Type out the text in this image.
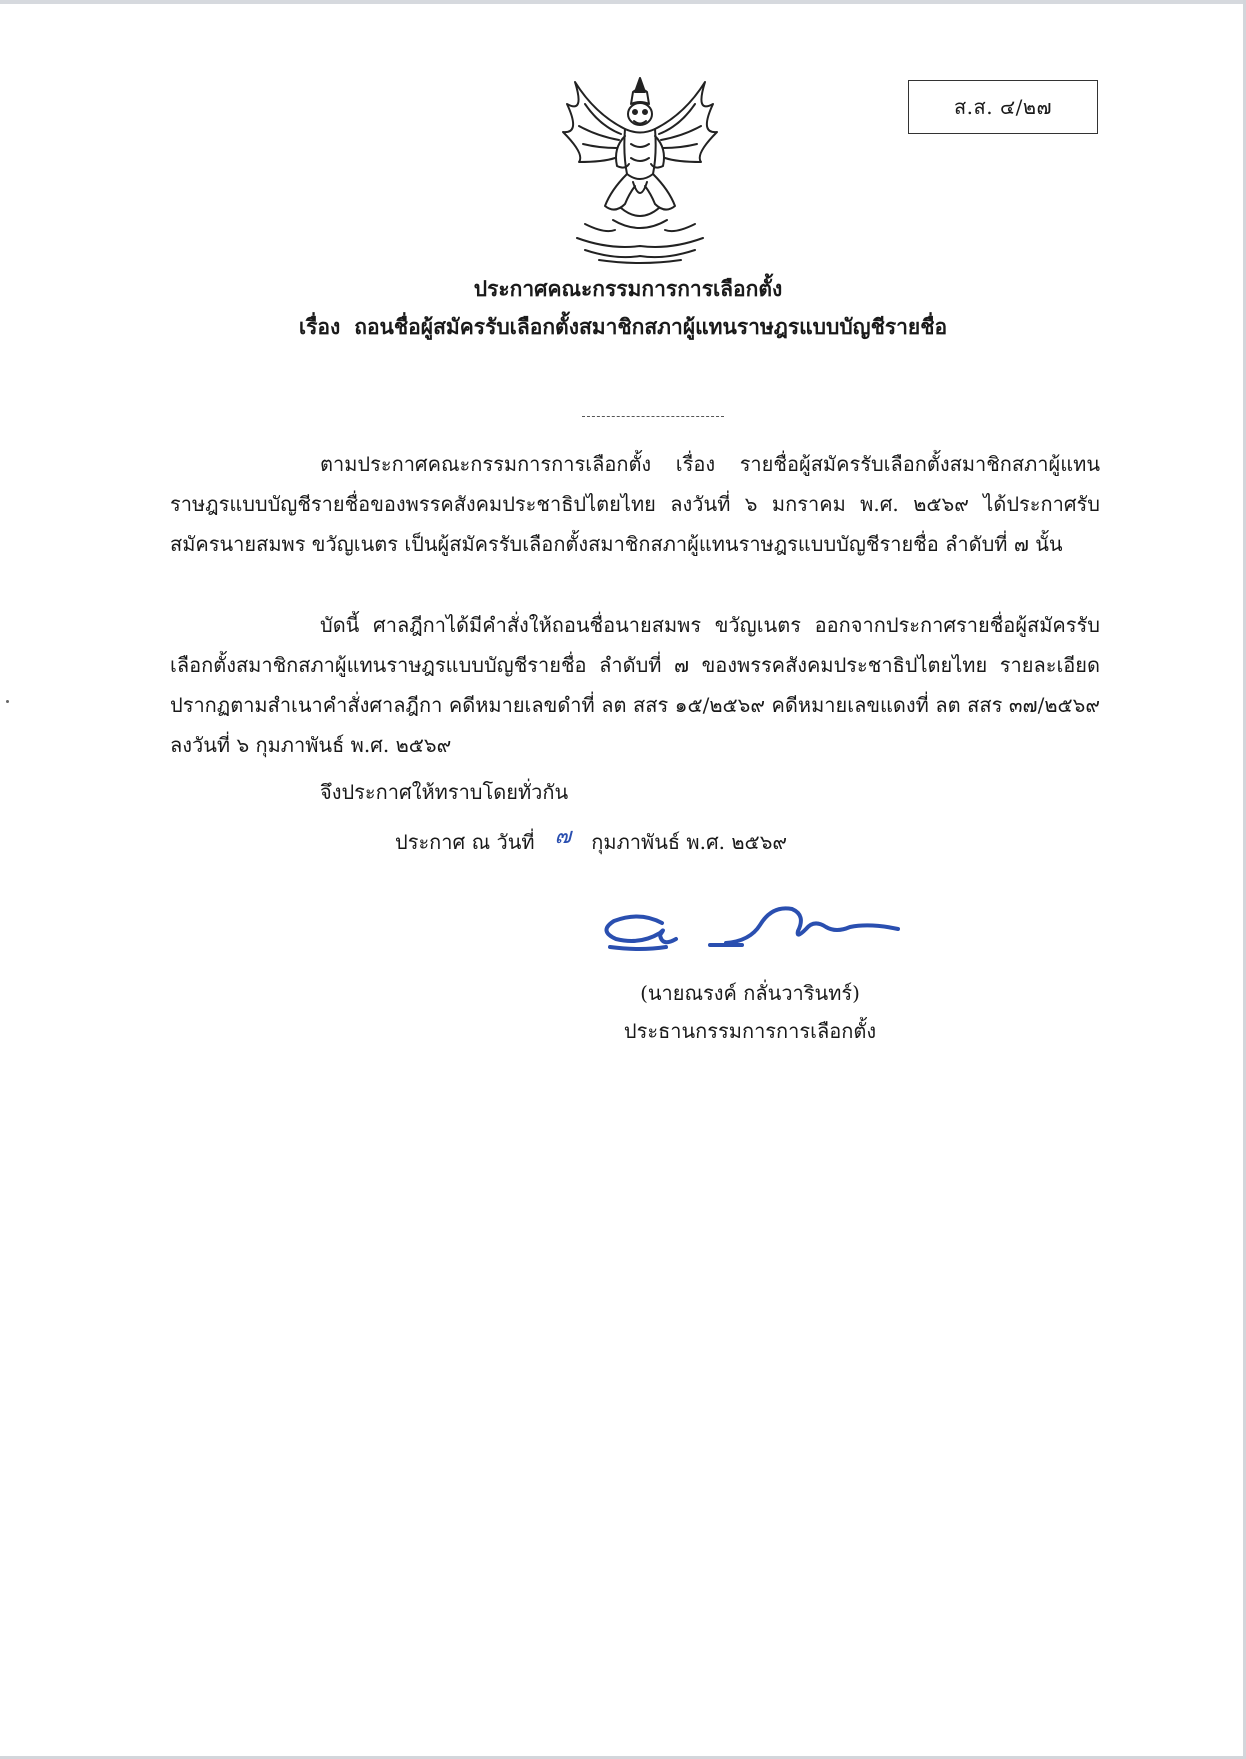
ส.ส. ๔/๒๗
ประกาศคณะกรรมการการเลือกตั้ง
เรื่อง ถอนชื่อผู้สมัครรับเลือกตั้งสมาชิกสภาผู้แทนราษฎรแบบบัญชีรายชื่อ

ตามประกาศคณะกรรมการการเลือกตั้ง เรื่อง รายชื่อผู้สมัครรับเลือกตั้งสมาชิกสภาผู้แทนราษฎรแบบบัญชีรายชื่อของพรรคสังคมประชาธิปไตยไทย ลงวันที่ ๖ มกราคม พ.ศ. ๒๕๖๙ ได้ประกาศรับสมัครนายสมพร ขวัญเนตร เป็นผู้สมัครรับเลือกตั้งสมาชิกสภาผู้แทนราษฎรแบบบัญชีรายชื่อ ลำดับที่ ๗ นั้น

บัดนี้ ศาลฎีกาได้มีคำสั่งให้ถอนชื่อนายสมพร ขวัญเนตร ออกจากประกาศรายชื่อผู้สมัครรับเลือกตั้งสมาชิกสภาผู้แทนราษฎรแบบบัญชีรายชื่อ ลำดับที่ ๗ ของพรรคสังคมประชาธิปไตยไทย รายละเอียดปรากฏตามสำเนาคำสั่งศาลฎีกา คดีหมายเลขดำที่ ลต สสร ๑๕/๒๕๖๙ คดีหมายเลขแดงที่ ลต สสร ๓๗/๒๕๖๙ ลงวันที่ ๖ กุมภาพันธ์ พ.ศ. ๒๕๖๙

จึงประกาศให้ทราบโดยทั่วกัน
ประกาศ ณ วันที่ ๗ กุมภาพันธ์ พ.ศ. ๒๕๖๙
(นายณรงค์ กลั่นวารินทร์)
ประธานกรรมการการเลือกตั้ง
